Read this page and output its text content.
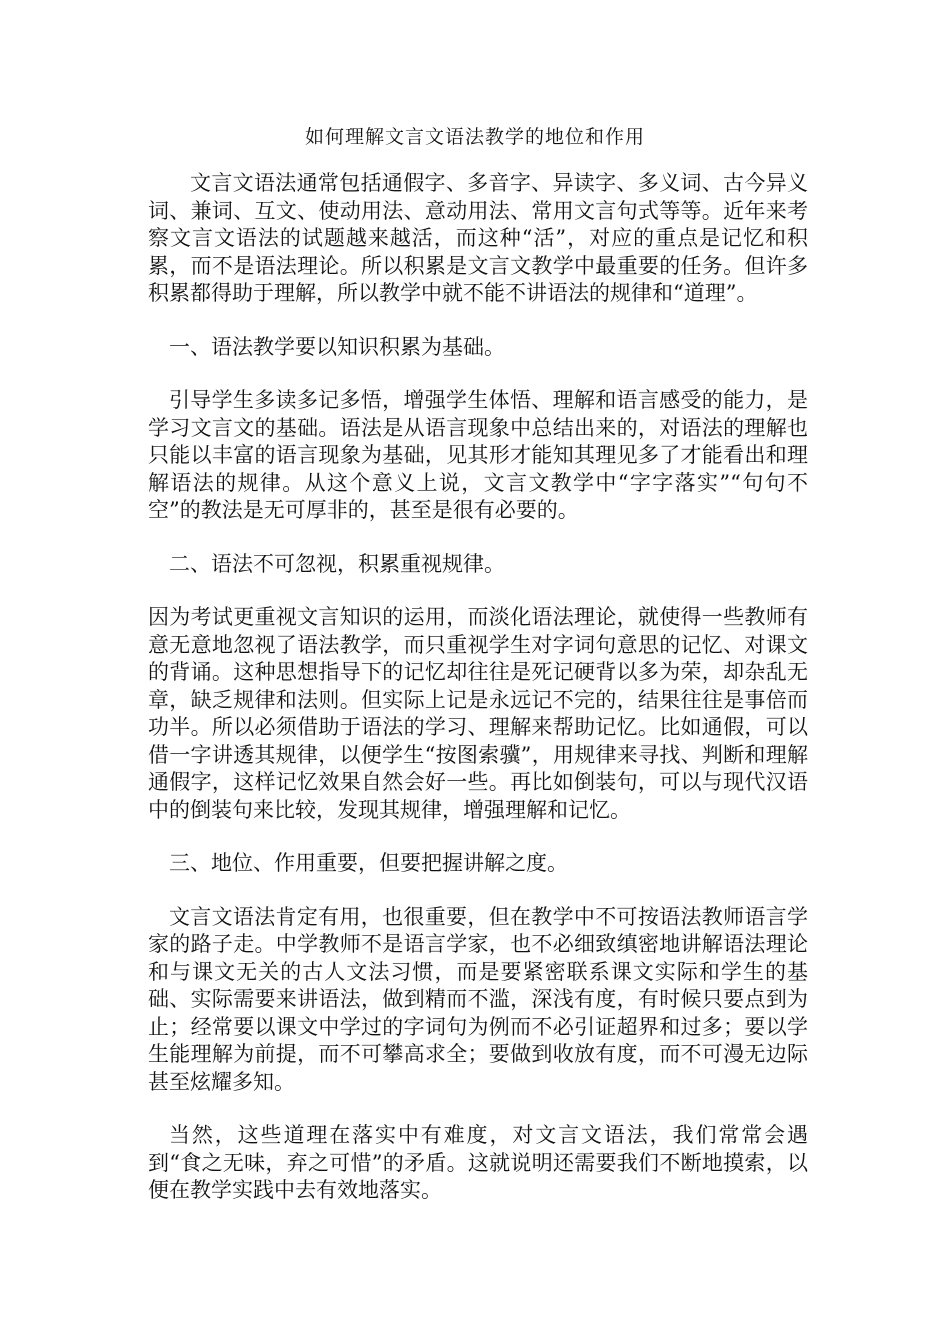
如何理解文言文语法教学的地位和作用

文言文语法通常包括通假字、多音字、异读字、多义词、古今异义词、兼词、互文、使动用法、意动用法、常用文言句式等等。近年来考察文言文语法的试题越来越活，而这种“活”，对应的重点是记忆和积累，而不是语法理论。所以积累是文言文教学中最重要的任务。但许多积累都得助于理解，所以教学中就不能不讲语法的规律和“道理”。

一、语法教学要以知识积累为基础。

引导学生多读多记多悟，增强学生体悟、理解和语言感受的能力，是学习文言文的基础。语法是从语言现象中总结出来的，对语法的理解也只能以丰富的语言现象为基础，见其形才能知其理见多了才能看出和理解语法的规律。从这个意义上说，文言文教学中“字字落实”“句句不空”的教法是无可厚非的，甚至是很有必要的。

二、语法不可忽视，积累重视规律。

因为考试更重视文言知识的运用，而淡化语法理论，就使得一些教师有意无意地忽视了语法教学，而只重视学生对字词句意思的记忆、对课文的背诵。这种思想指导下的记忆却往往是死记硬背以多为荣，却杂乱无章，缺乏规律和法则。但实际上记是永远记不完的，结果往往是事倍而功半。所以必须借助于语法的学习、理解来帮助记忆。比如通假，可以借一字讲透其规律，以便学生“按图索骥”，用规律来寻找、判断和理解通假字，这样记忆效果自然会好一些。再比如倒装句，可以与现代汉语中的倒装句来比较，发现其规律，增强理解和记忆。

三、地位、作用重要，但要把握讲解之度。

文言文语法肯定有用，也很重要，但在教学中不可按语法教师语言学家的路子走。中学教师不是语言学家，也不必细致缜密地讲解语法理论和与课文无关的古人文法习惯，而是要紧密联系课文实际和学生的基础、实际需要来讲语法，做到精而不滥，深浅有度，有时候只要点到为止；经常要以课文中学过的字词句为例而不必引证超界和过多；要以学生能理解为前提，而不可攀高求全；要做到收放有度，而不可漫无边际甚至炫耀多知。

当然，这些道理在落实中有难度，对文言文语法，我们常常会遇到“食之无味，弃之可惜”的矛盾。这就说明还需要我们不断地摸索，以便在教学实践中去有效地落实。
